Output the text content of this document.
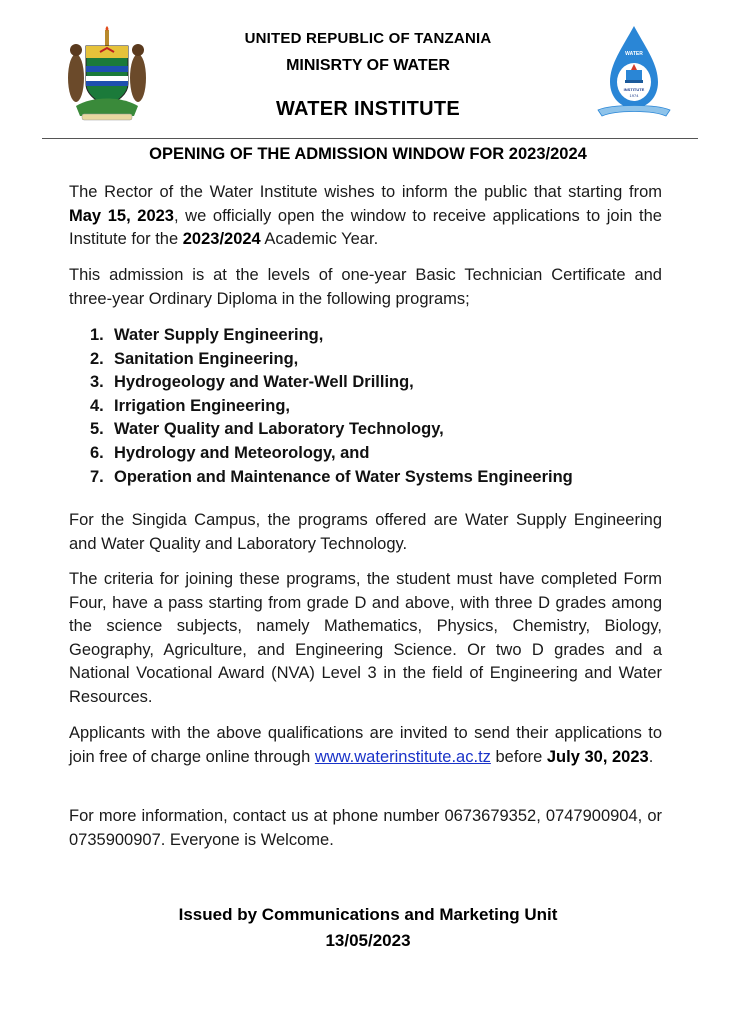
UNITED REPUBLIC OF TANZANIA
MINISRTY OF WATER
WATER INSTITUTE
WATER
INSTITUTE
1974
OPENING OF THE ADMISSION WINDOW FOR 2023/2024
The Rector of the Water Institute wishes to inform the public that starting from May 15, 2023, we officially open the window to receive applications to join the Institute for the 2023/2024 Academic Year.
This admission is at the levels of one-year Basic Technician Certificate and three-year Ordinary Diploma in the following programs;
1. Water Supply Engineering,
2. Sanitation Engineering,
3. Hydrogeology and Water-Well Drilling,
4. Irrigation Engineering,
5. Water Quality and Laboratory Technology,
6. Hydrology and Meteorology, and
7. Operation and Maintenance of Water Systems Engineering
For the Singida Campus, the programs offered are Water Supply Engineering and Water Quality and Laboratory Technology.
The criteria for joining these programs, the student must have completed Form Four, have a pass starting from grade D and above, with three D grades among the science subjects, namely Mathematics, Physics, Chemistry, Biology, Geography, Agriculture, and Engineering Science. Or two D grades and a National Vocational Award (NVA) Level 3 in the field of Engineering and Water Resources.
Applicants with the above qualifications are invited to send their applications to join free of charge online through www.waterinstitute.ac.tz before July 30, 2023.
For more information, contact us at phone number 0673679352, 0747900904, or 0735900907. Everyone is Welcome.
Issued by Communications and Marketing Unit
13/05/2023
